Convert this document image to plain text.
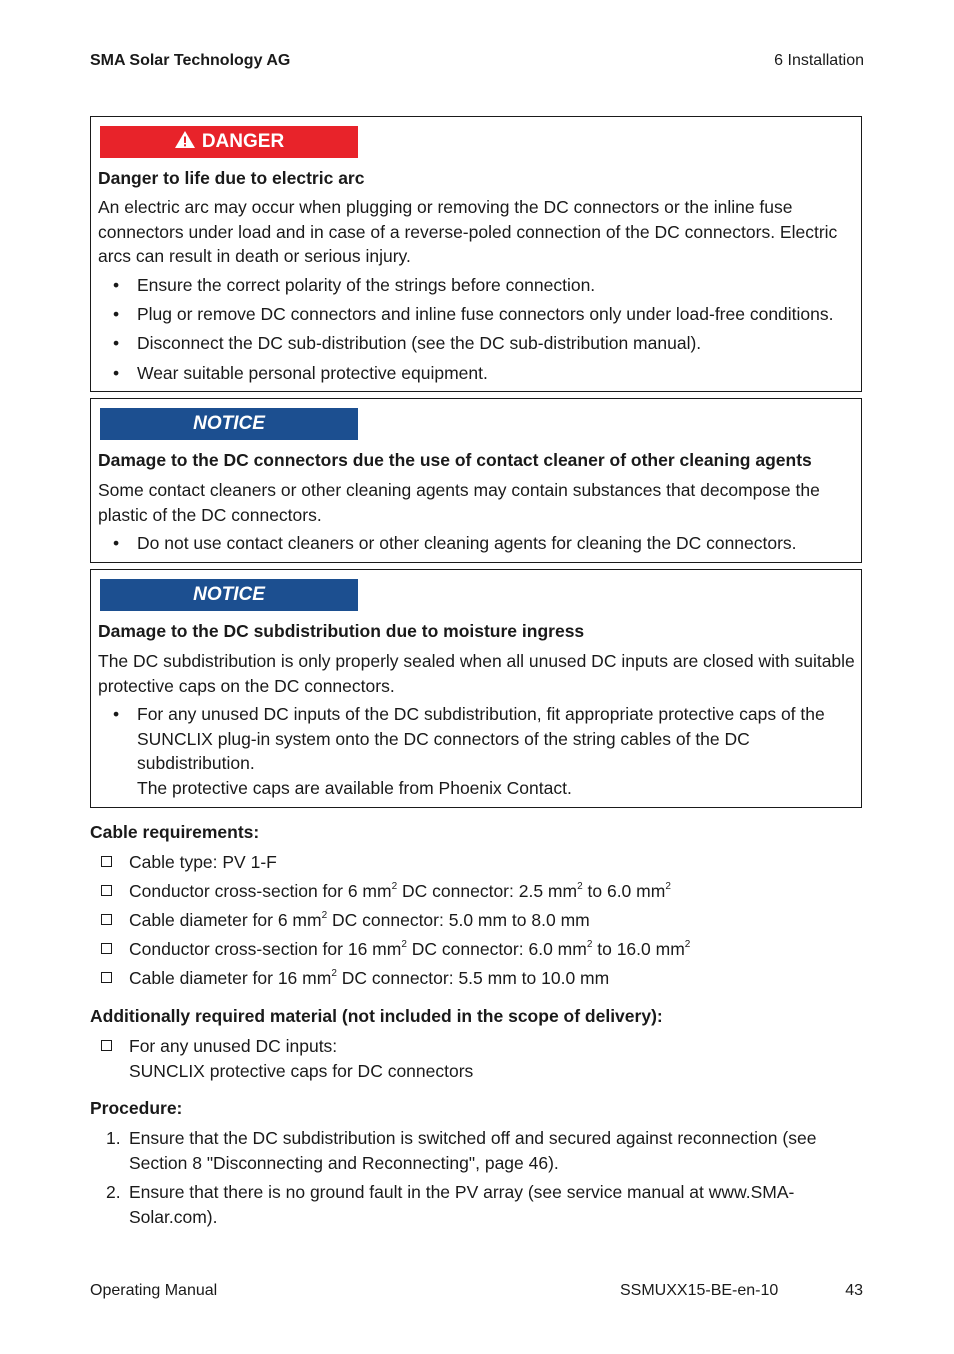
SMA Solar Technology AG	6 Installation
DANGER
Danger to life due to electric arc
An electric arc may occur when plugging or removing the DC connectors or the inline fuse connectors under load and in case of a reverse-poled connection of the DC connectors. Electric arcs can result in death or serious injury.
• Ensure the correct polarity of the strings before connection.
• Plug or remove DC connectors and inline fuse connectors only under load-free conditions.
• Disconnect the DC sub-distribution (see the DC sub-distribution manual).
• Wear suitable personal protective equipment.
NOTICE
Damage to the DC connectors due the use of contact cleaner of other cleaning agents
Some contact cleaners or other cleaning agents may contain substances that decompose the plastic of the DC connectors.
• Do not use contact cleaners or other cleaning agents for cleaning the DC connectors.
NOTICE
Damage to the DC subdistribution due to moisture ingress
The DC subdistribution is only properly sealed when all unused DC inputs are closed with suitable protective caps on the DC connectors.
• For any unused DC inputs of the DC subdistribution, fit appropriate protective caps of the SUNCLIX plug-in system onto the DC connectors of the string cables of the DC subdistribution.
The protective caps are available from Phoenix Contact.
Cable requirements:
Cable type: PV 1-F
Conductor cross-section for 6 $mm^2$ DC connector: 2.5 $mm^2$ to 6.0 $mm^2$
Cable diameter for 6 $mm^2$ DC connector: 5.0 mm to 8.0 mm
Conductor cross-section for 16 $mm^2$ DC connector: 6.0 $mm^2$ to 16.0 $mm^2$
Cable diameter for 16 $mm^2$ DC connector: 5.5 mm to 10.0 mm
Additionally required material (not included in the scope of delivery):
For any unused DC inputs:
SUNCLIX protective caps for DC connectors
Procedure:
1. Ensure that the DC subdistribution is switched off and secured against reconnection (see Section 8 "Disconnecting and Reconnecting", page 46).
2. Ensure that there is no ground fault in the PV array (see service manual at www.SMA-Solar.com).
Operating Manual	SSMUXX15-BE-en-10	43
